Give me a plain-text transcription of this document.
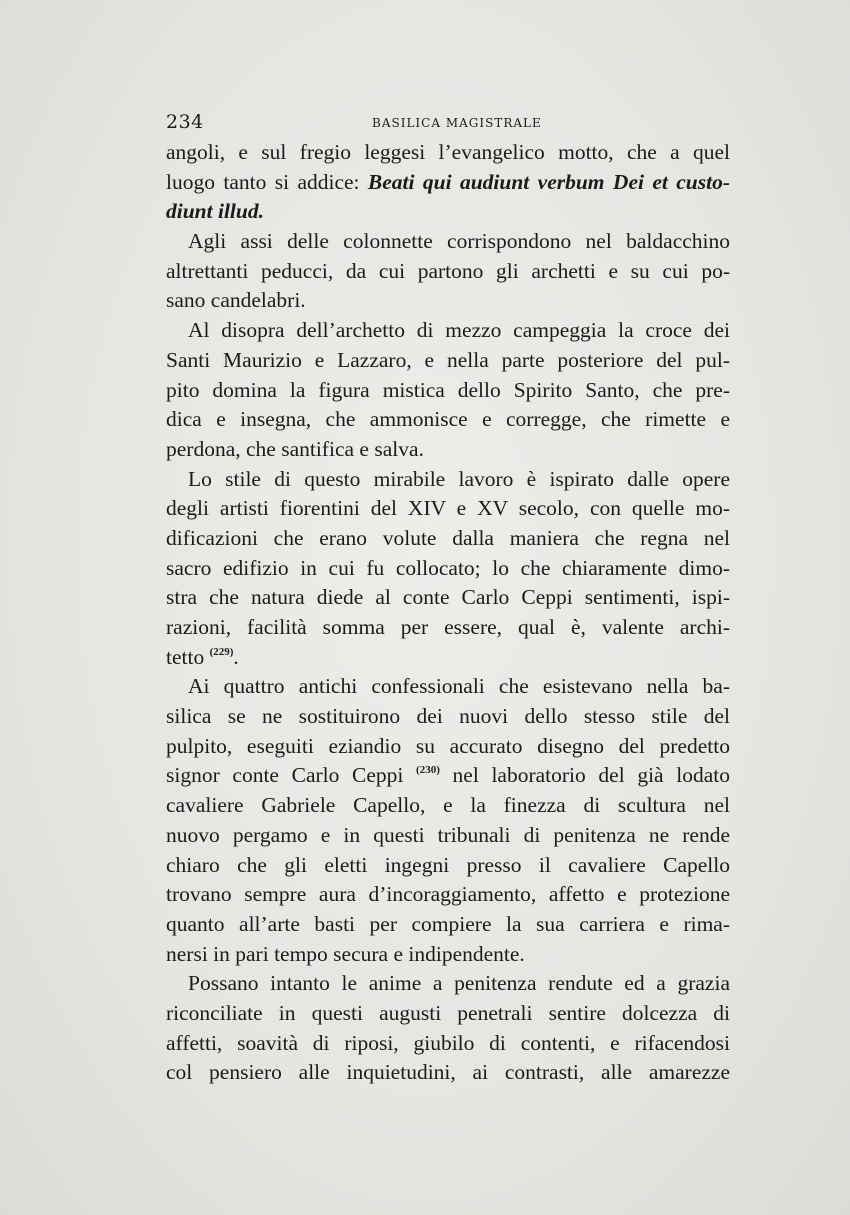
234	BASILICA MAGISTRALE
angoli, e sul fregio leggesi l’evangelico motto, che a quel
luogo tanto si addice: Beati qui audiunt verbum Dei et custo-
diunt illud.
Agli assi delle colonnette corrispondono nel baldacchino
altrettanti peducci, da cui partono gli archetti e su cui po-
sano candelabri.
Al disopra dell’archetto di mezzo campeggia la croce dei
Santi Maurizio e Lazzaro, e nella parte posteriore del pul-
pito domina la figura mistica dello Spirito Santo, che pre-
dica e insegna, che ammonisce e corregge, che rimette e
perdona, che santifica e salva.
Lo stile di questo mirabile lavoro è ispirato dalle opere
degli artisti fiorentini del XIV e XV secolo, con quelle mo-
dificazioni che erano volute dalla maniera che regna nel
sacro edifizio in cui fu collocato; lo che chiaramente dimo-
stra che natura diede al conte Carlo Ceppi sentimenti, ispi-
razioni, facilità somma per essere, qual è, valente archi-
tetto $^{(229)}$.
Ai quattro antichi confessionali che esistevano nella ba-
silica se ne sostituirono dei nuovi dello stesso stile del
pulpito, eseguiti eziandio su accurato disegno del predetto
signor conte Carlo Ceppi $^{(230)}$ nel laboratorio del già lodato
cavaliere Gabriele Capello, e la finezza di scultura nel
nuovo pergamo e in questi tribunali di penitenza ne rende
chiaro che gli eletti ingegni presso il cavaliere Capello
trovano sempre aura d’incoraggiamento, affetto e protezione
quanto all’arte basti per compiere la sua carriera e rima-
nersi in pari tempo secura e indipendente.
Possano intanto le anime a penitenza rendute ed a grazia
riconciliate in questi augusti penetrali sentire dolcezza di
affetti, soavità di riposi, giubilo di contenti, e rifacendosi
col pensiero alle inquietudini, ai contrasti, alle amarezze
